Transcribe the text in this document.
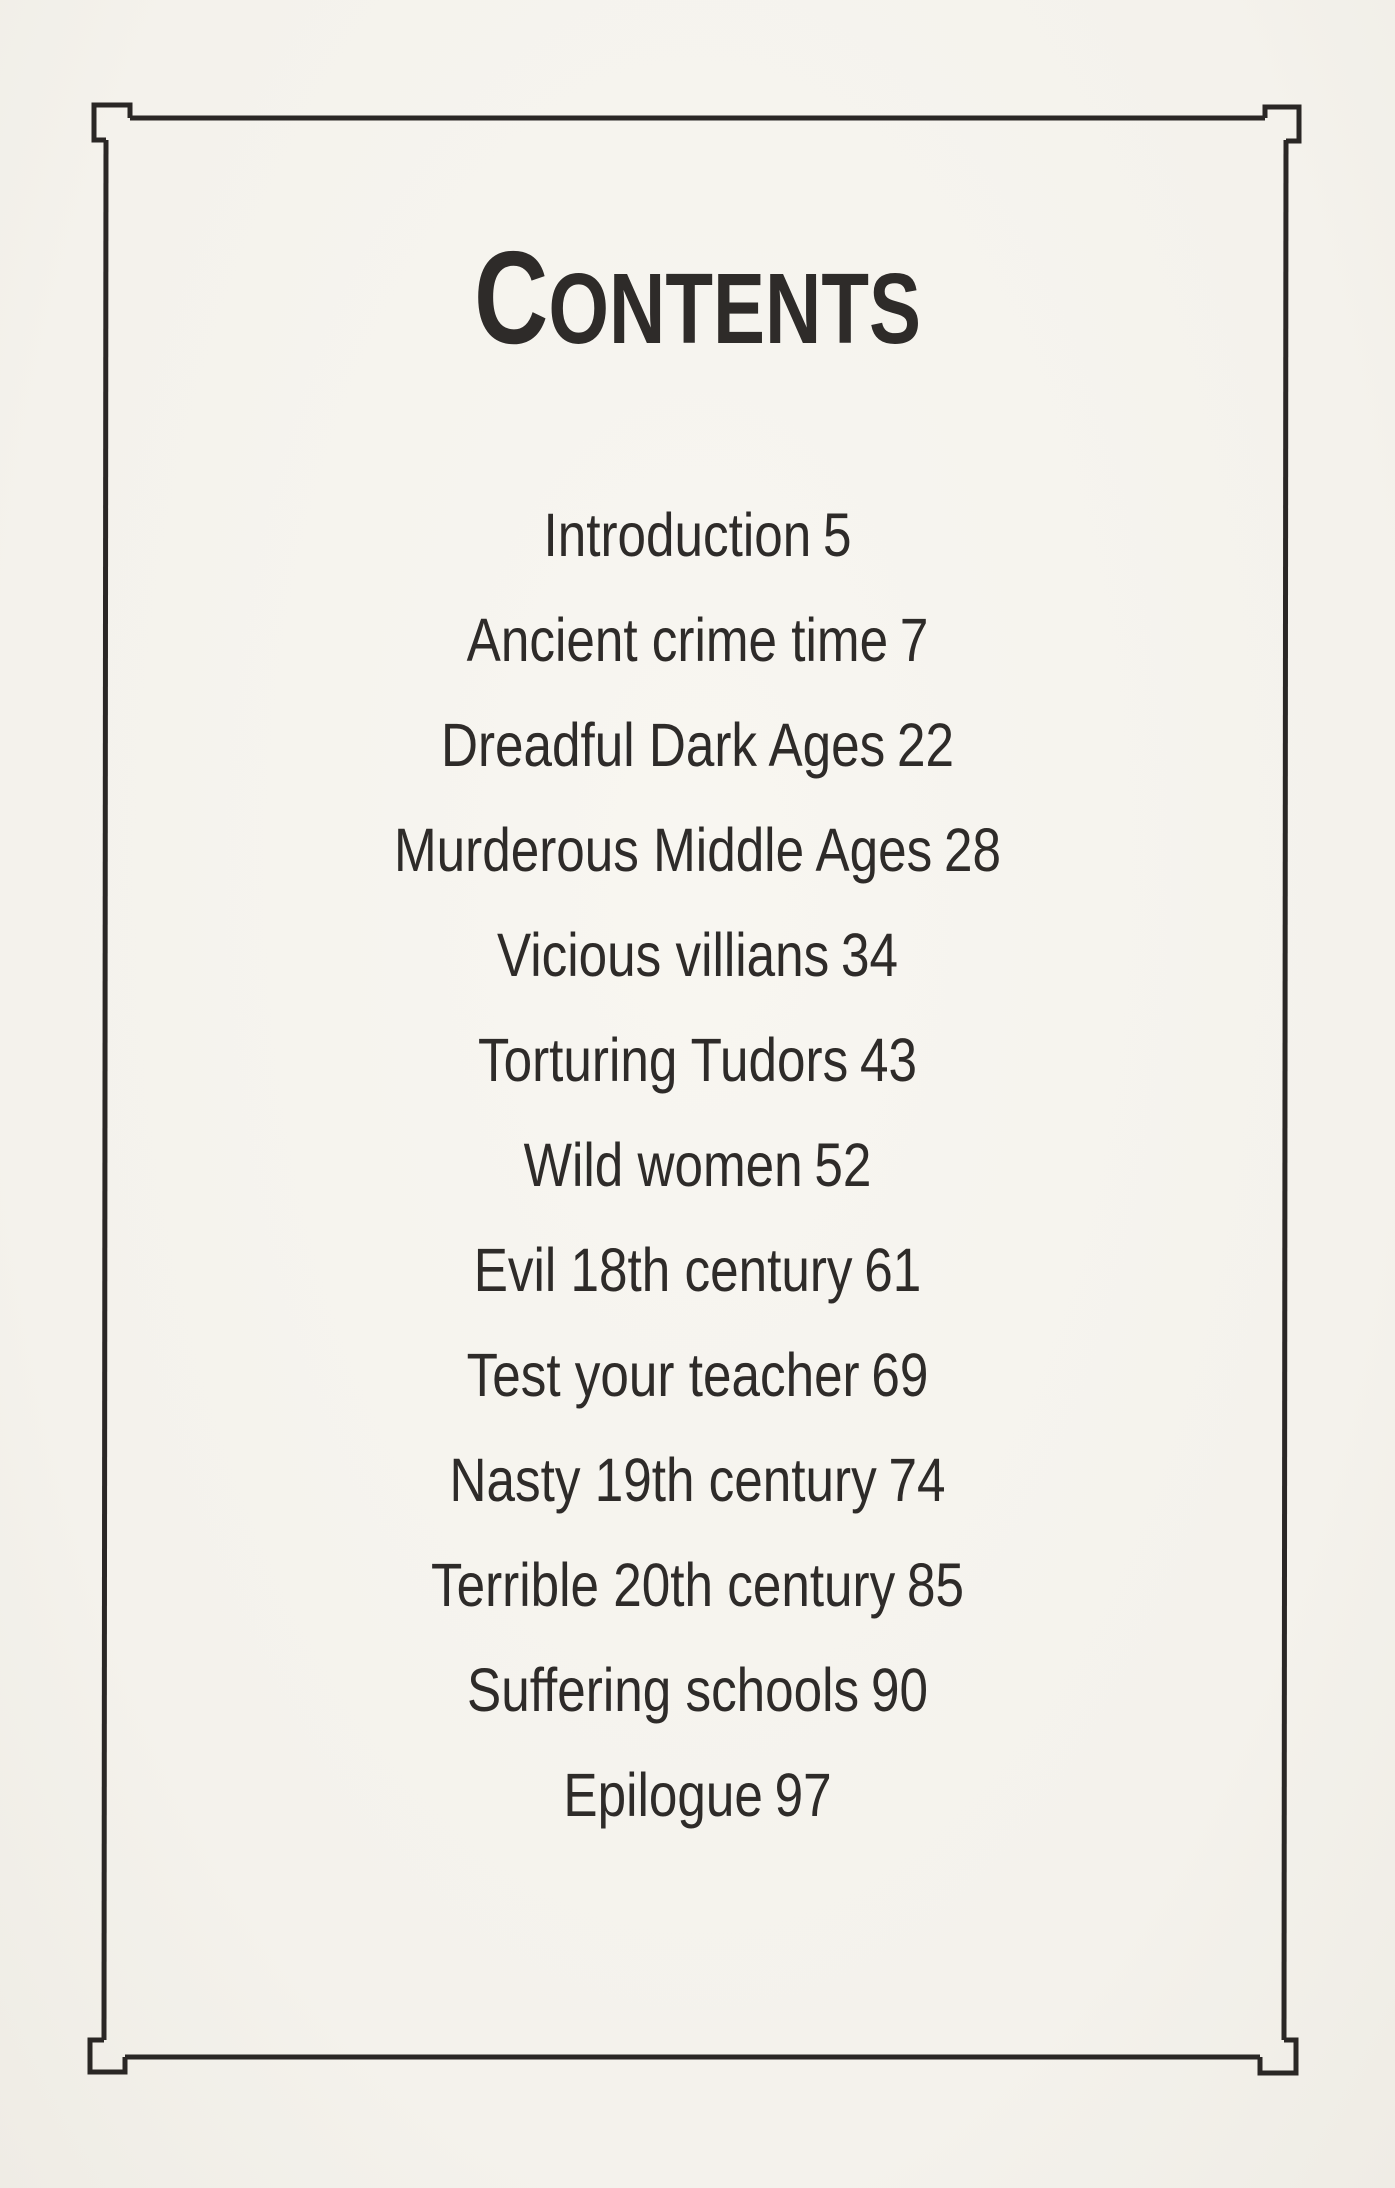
CONTENTS
Introduction 5
Ancient crime time 7
Dreadful Dark Ages 22
Murderous Middle Ages 28
Vicious villians 34
Torturing Tudors 43
Wild women 52
Evil 18th century 61
Test your teacher 69
Nasty 19th century 74
Terrible 20th century 85
Suffering schools 90
Epilogue 97
